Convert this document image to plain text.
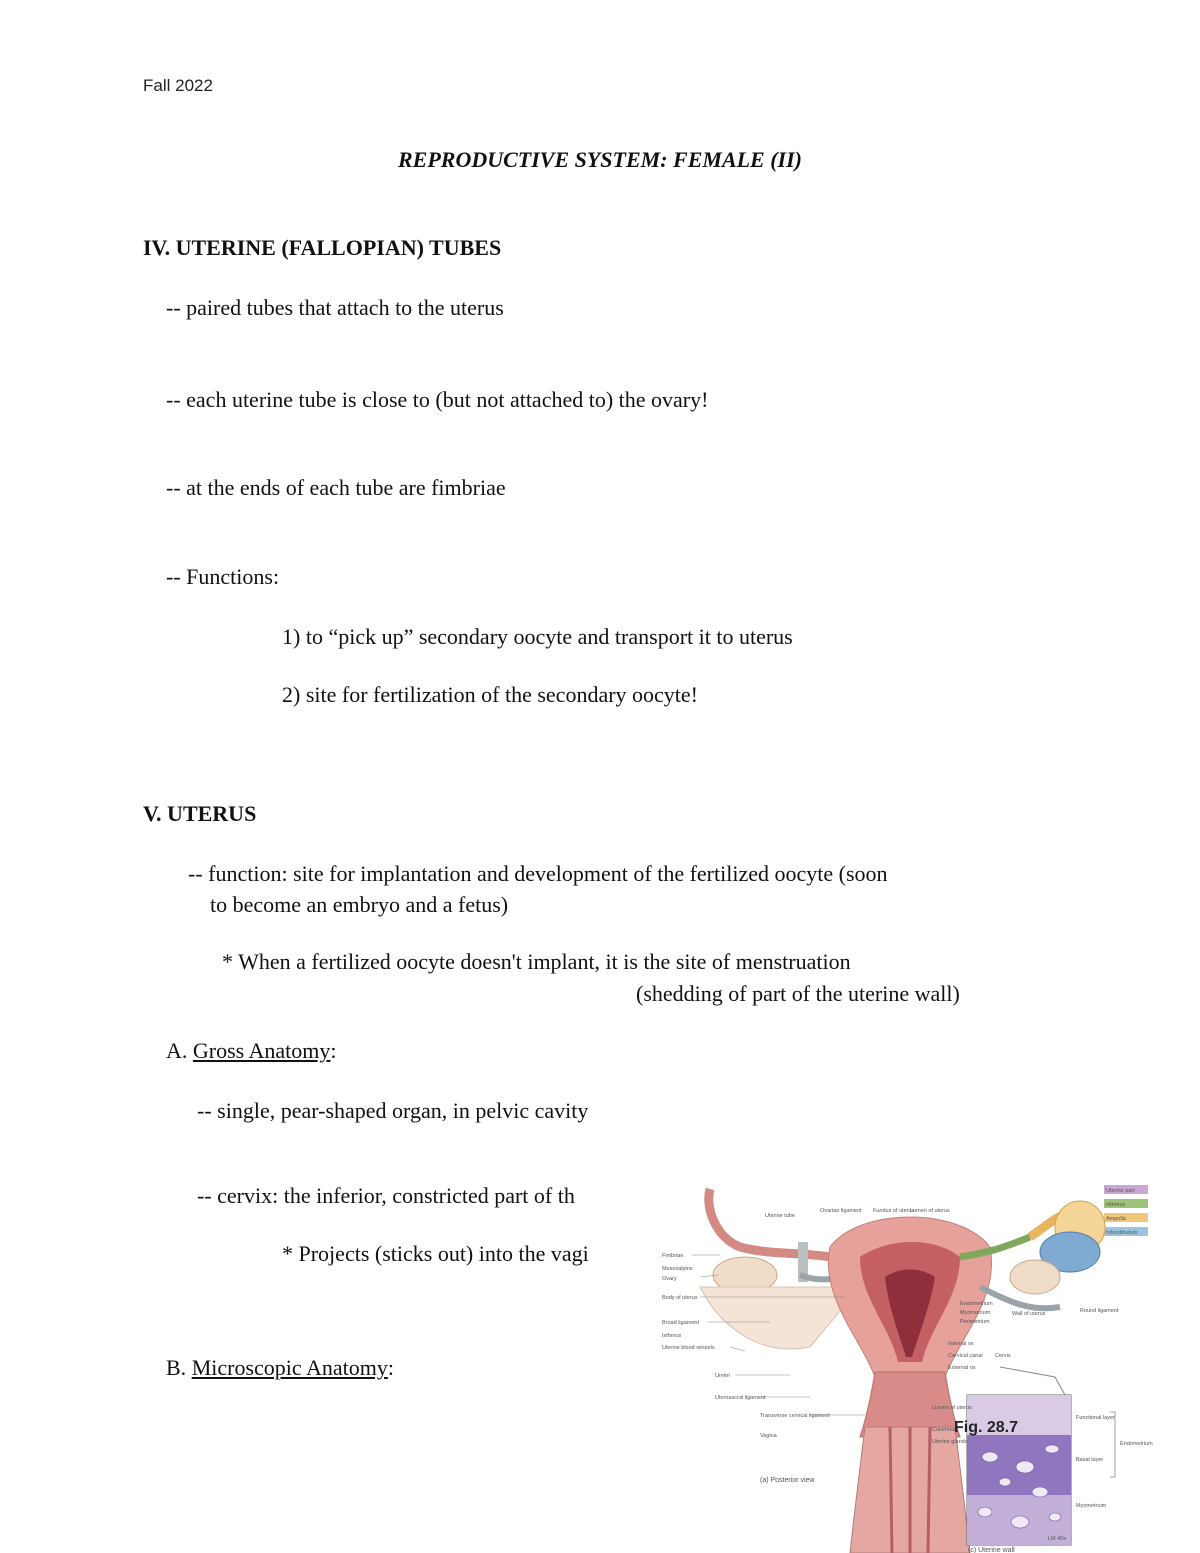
Fall 2022
REPRODUCTIVE SYSTEM: FEMALE (II)
IV. UTERINE (FALLOPIAN) TUBES
-- paired tubes that attach to the uterus
-- each uterine tube is close to (but not attached to) the ovary!
-- at the ends of each tube are fimbriae
-- Functions:
1) to “pick up” secondary oocyte and transport it to uterus
2) site for fertilization of the secondary oocyte!
V. UTERUS
-- function: site for implantation and development of the fertilized oocyte (soon
to become an embryo and a fetus)
* When a fertilized oocyte doesn't implant, it is the site of menstruation
(shedding of part of the uterine wall)
A. Gross Anatomy:
-- single, pear-shaped organ, in pelvic cavity
-- cervix: the inferior, constricted part of th
* Projects (sticks out) into the vagi
B. Microscopic Anatomy:
Uterine part
Isthmus
Ampulla
Infundibulum
Uterine tube
Ovarian ligament Fundus of uterus
Lumen of uterus
Fimbriae
Mesosalpinx
Ovary
Body of uterus
Broad ligament
Isthmus
Uterine blood vessels
Ureter
Uterosacral ligament
Transverse cervical ligament
Vagina
Endometrium
Myometrium
Perimetrium
Wall of uterus	Round ligament
Internal os
Cervical canal
External os
Cervix
Fig. 28.7
LM 40x
Lumen of uterus
Columnar
Uterine glands
Functional layer
Basal layer
Endometrium
Myometrium
(a) Posterior view
(c) Uterine wall
